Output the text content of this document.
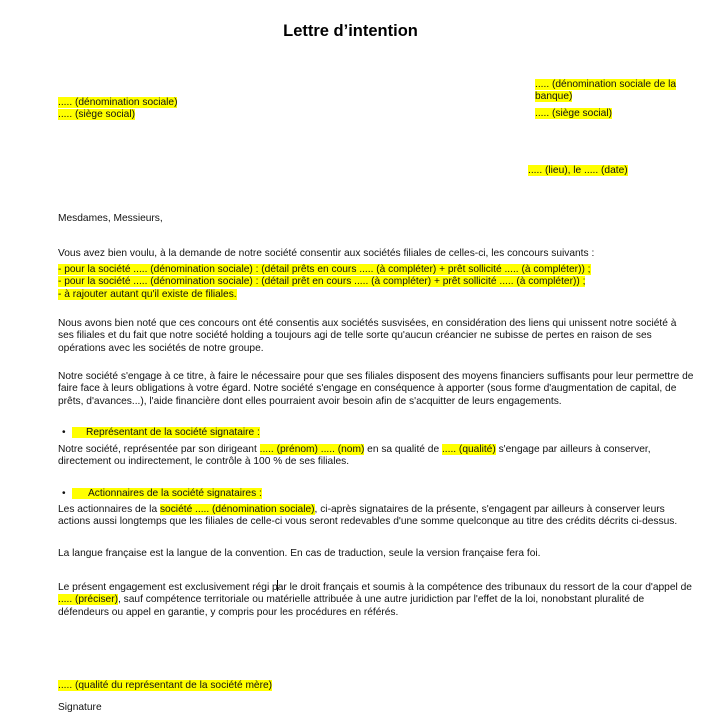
Lettre d’intention
..... (dénomination sociale)
..... (siège social)
..... (dénomination sociale de la
banque)
..... (siège social)
..... (lieu), le ..... (date)
Mesdames, Messieurs,
Vous avez bien voulu, à la demande de notre société consentir aux sociétés filiales de celles-ci, les concours suivants :
- pour la société ..... (dénomination sociale) : (détail prêts en cours ..... (à compléter) + prêt sollicité ..... (à compléter)) ;
- pour la société ..... (dénomination sociale) : (détail prêt en cours ..... (à compléter) + prêt sollicité ..... (à compléter)) ;
- à rajouter autant qu'il existe de filiales.
Nous avons bien noté que ces concours ont été consentis aux sociétés susvisées, en considération des liens qui unissent notre société à
ses filiales et du fait que notre société holding a toujours agi de telle sorte qu'aucun créancier ne subisse de pertes en raison de ses
opérations avec les sociétés de notre groupe.
Notre société s'engage à ce titre, à faire le nécessaire pour que ses filiales disposent des moyens financiers suffisants pour leur permettre de
faire face à leurs obligations à votre égard. Notre société s'engage en conséquence à apporter (sous forme d'augmentation de capital, de
prêts, d'avances...), l'aide financière dont elles pourraient avoir besoin afin de s'acquitter de leurs engagements.
• Représentant de la société signataire :
Notre société, représentée par son dirigeant ..... (prénom) ..... (nom) en sa qualité de ..... (qualité) s'engage par ailleurs à conserver,
directement ou indirectement, le contrôle à 100 % de ses filiales.
• Actionnaires de la société signataires :
Les actionnaires de la société ..... (dénomination sociale), ci-après signataires de la présente, s'engagent par ailleurs à conserver leurs
actions aussi longtemps que les filiales de celle-ci vous seront redevables d'une somme quelconque au titre des crédits décrits ci-dessus.
La langue française est la langue de la convention. En cas de traduction, seule la version française fera foi.
Le présent engagement est exclusivement régi par le droit français et soumis à la compétence des tribunaux du ressort de la cour d'appel de
..... (préciser), sauf compétence territoriale ou matérielle attribuée à une autre juridiction par l'effet de la loi, nonobstant pluralité de
défendeurs ou appel en garantie, y compris pour les procédures en référés.
..... (qualité du représentant de la société mère)
Signature
